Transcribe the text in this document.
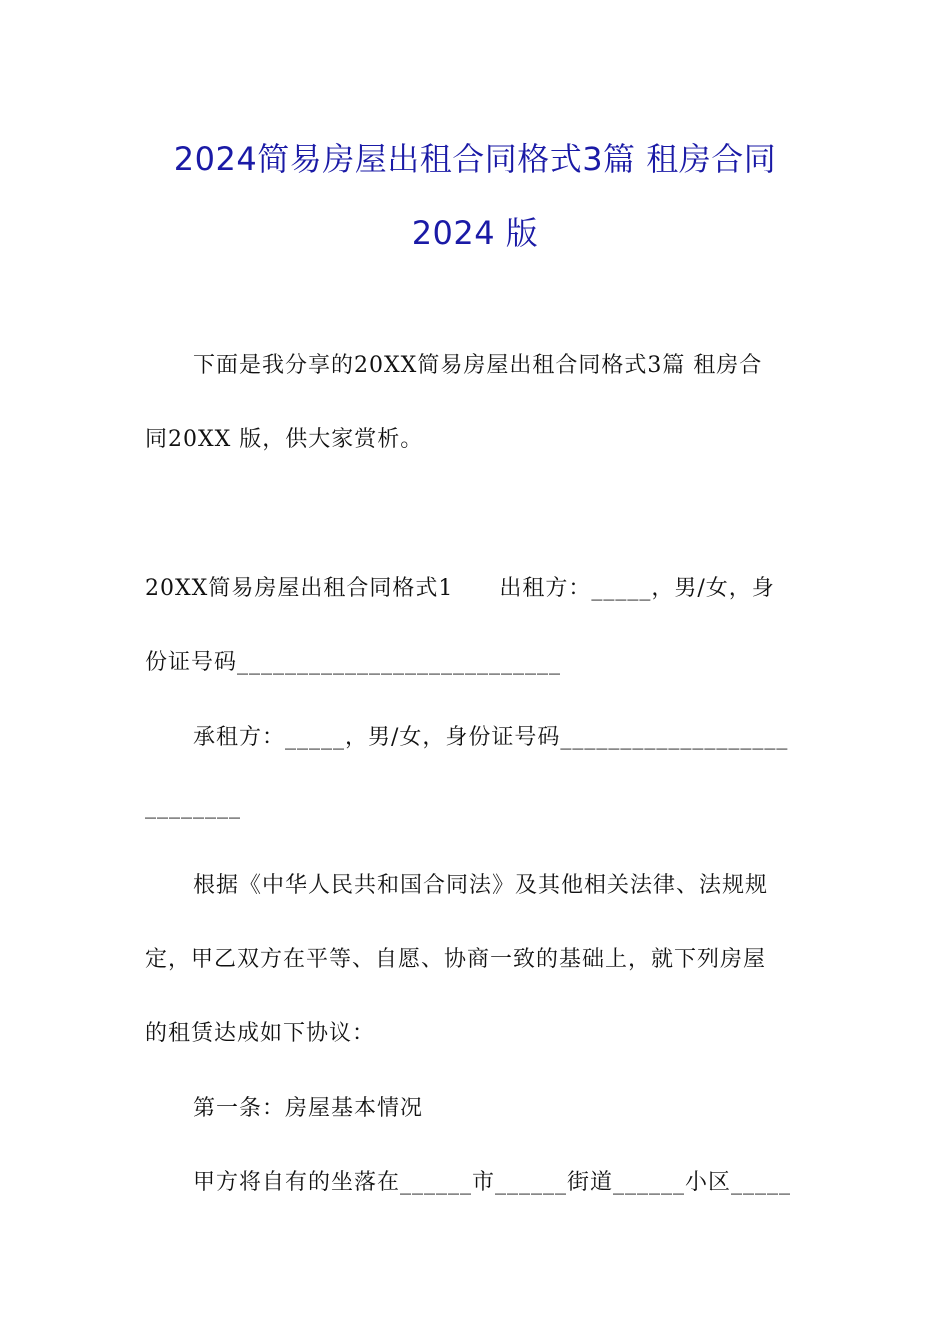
2024简易房屋出租合同格式3篇 租房合同
2024 版
下面是我分享的20XX简易房屋出租合同格式3篇 租房合
同20XX 版，供大家赏析。
20XX简易房屋出租合同格式1　　出租方：_____，男/女，身
份证号码___________________________
承租方：_____，男/女，身份证号码___________________
________
根据《中华人民共和国合同法》及其他相关法律、法规规
定，甲乙双方在平等、自愿、协商一致的基础上，就下列房屋
的租赁达成如下协议：
第一条：房屋基本情况
甲方将自有的坐落在______市______街道______小区_____
